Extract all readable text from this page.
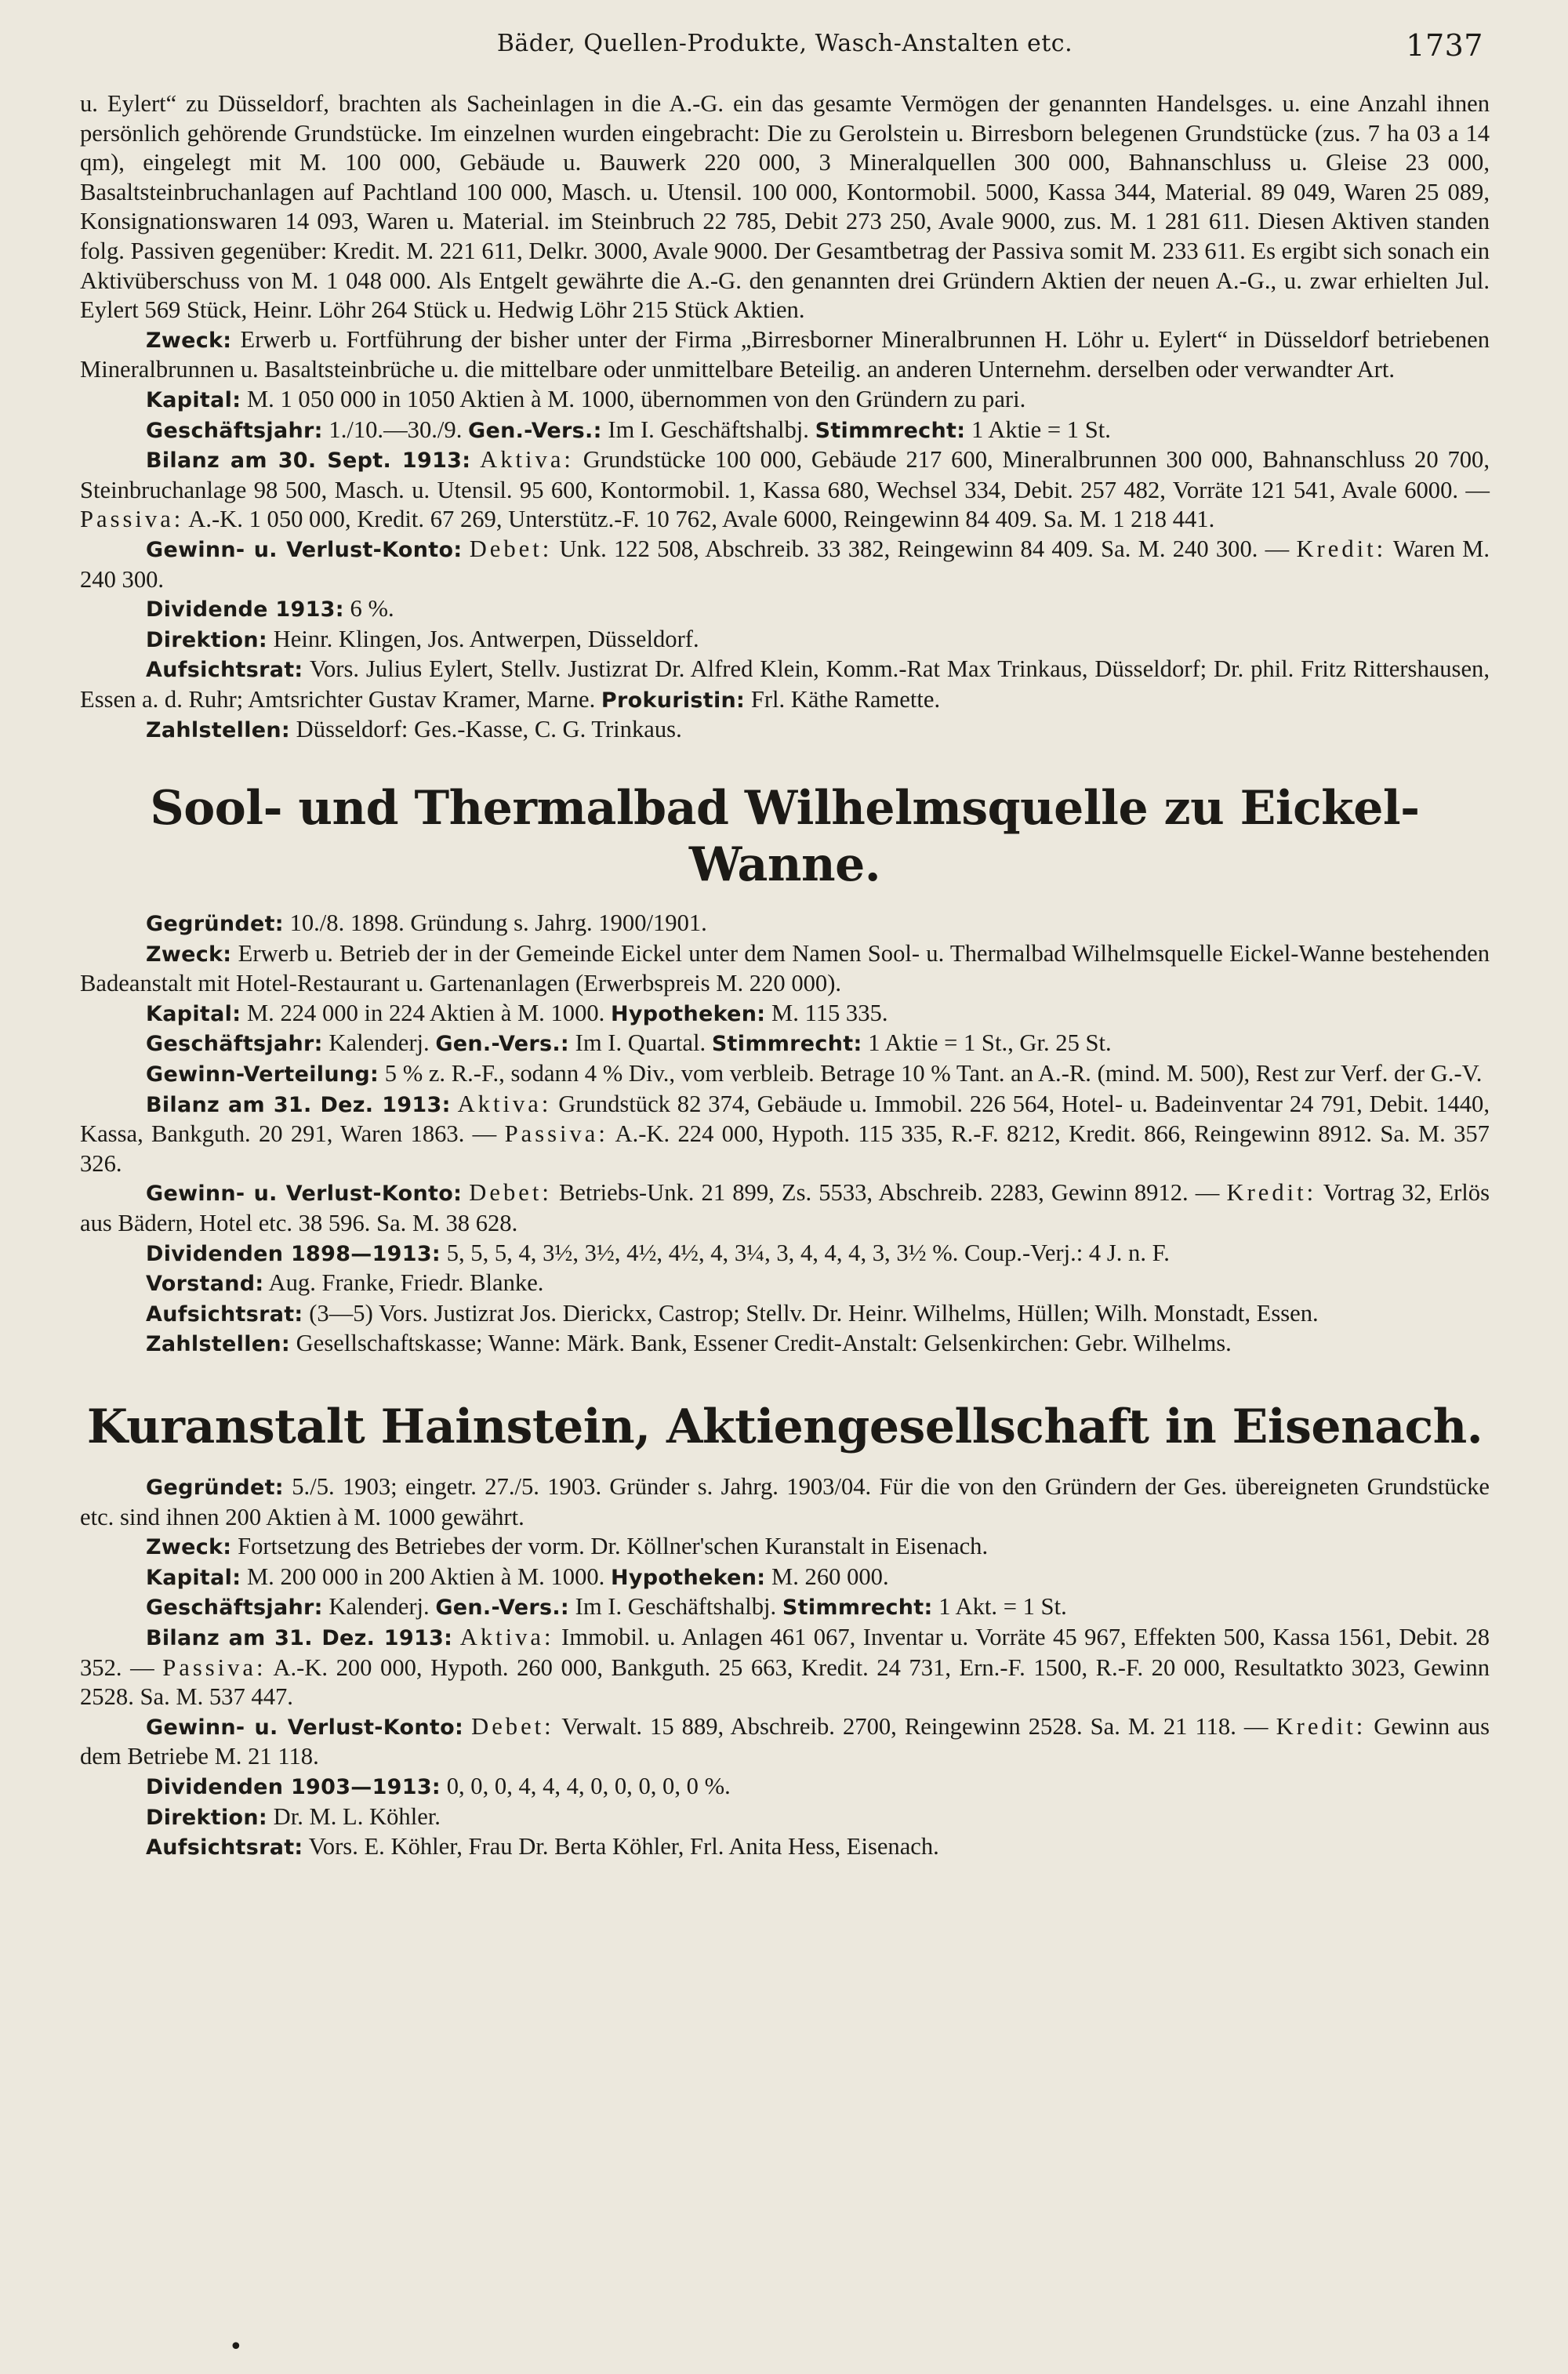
Bäder, Quellen-Produkte, Wasch-Anstalten etc.	1737

u. Eylert“ zu Düsseldorf, brachten als Sacheinlagen in die A.-G. ein das gesamte Vermögen der genannten Handelsges. u. eine Anzahl ihnen persönlich gehörende Grundstücke. Im einzelnen wurden eingebracht: Die zu Gerolstein u. Birresborn belegenen Grundstücke (zus. 7 ha 03 a 14 qm), eingelegt mit M. 100 000, Gebäude u. Bauwerk 220 000, 3 Mineralquellen 300 000, Bahnanschluss u. Gleise 23 000, Basaltsteinbruchanlagen auf Pachtland 100 000, Masch. u. Utensil. 100 000, Kontormobil. 5000, Kassa 344, Material. 89 049, Waren 25 089, Konsignationswaren 14 093, Waren u. Material. im Steinbruch 22 785, Debit 273 250, Avale 9000, zus. M. 1 281 611. Diesen Aktiven standen folg. Passiven gegenüber: Kredit. M. 221 611, Delkr. 3000, Avale 9000. Der Gesamtbetrag der Passiva somit M. 233 611. Es ergibt sich sonach ein Aktivüberschuss von M. 1 048 000. Als Entgelt gewährte die A.-G. den genannten drei Gründern Aktien der neuen A.-G., u. zwar erhielten Jul. Eylert 569 Stück, Heinr. Löhr 264 Stück u. Hedwig Löhr 215 Stück Aktien.

Zweck: Erwerb u. Fortführung der bisher unter der Firma „Birresborner Mineralbrunnen H. Löhr u. Eylert“ in Düsseldorf betriebenen Mineralbrunnen u. Basaltsteinbrüche u. die mittelbare oder unmittelbare Beteilig. an anderen Unternehm. derselben oder verwandter Art.

Kapital: M. 1 050 000 in 1050 Aktien à M. 1000, übernommen von den Gründern zu pari.

Geschäftsjahr: 1./10.—30./9. Gen.-Vers.: Im I. Geschäftshalbj. Stimmrecht: 1 Aktie = 1 St.

Bilanz am 30. Sept. 1913: Aktiva: Grundstücke 100 000, Gebäude 217 600, Mineralbrunnen 300 000, Bahnanschluss 20 700, Steinbruchanlage 98 500, Masch. u. Utensil. 95 600, Kontormobil. 1, Kassa 680, Wechsel 334, Debit. 257 482, Vorräte 121 541, Avale 6000. — Passiva: A.-K. 1 050 000, Kredit. 67 269, Unterstütz.-F. 10 762, Avale 6000, Reingewinn 84 409. Sa. M. 1 218 441.

Gewinn- u. Verlust-Konto: Debet: Unk. 122 508, Abschreib. 33 382, Reingewinn 84 409. Sa. M. 240 300. — Kredit: Waren M. 240 300.

Dividende 1913: 6 %.

Direktion: Heinr. Klingen, Jos. Antwerpen, Düsseldorf.

Aufsichtsrat: Vors. Julius Eylert, Stellv. Justizrat Dr. Alfred Klein, Komm.-Rat Max Trinkaus, Düsseldorf; Dr. phil. Fritz Rittershausen, Essen a. d. Ruhr; Amtsrichter Gustav Kramer, Marne. Prokuristin: Frl. Käthe Ramette.

Zahlstellen: Düsseldorf: Ges.-Kasse, C. G. Trinkaus.

Sool- und Thermalbad Wilhelmsquelle zu Eickel-Wanne.

Gegründet: 10./8. 1898. Gründung s. Jahrg. 1900/1901.

Zweck: Erwerb u. Betrieb der in der Gemeinde Eickel unter dem Namen Sool- u. Thermalbad Wilhelmsquelle Eickel-Wanne bestehenden Badeanstalt mit Hotel-Restaurant u. Gartenanlagen (Erwerbspreis M. 220 000).

Kapital: M. 224 000 in 224 Aktien à M. 1000. Hypotheken: M. 115 335.

Geschäftsjahr: Kalenderj. Gen.-Vers.: Im I. Quartal. Stimmrecht: 1 Aktie = 1 St., Gr. 25 St.

Gewinn-Verteilung: 5 % z. R.-F., sodann 4 % Div., vom verbleib. Betrage 10 % Tant. an A.-R. (mind. M. 500), Rest zur Verf. der G.-V.

Bilanz am 31. Dez. 1913: Aktiva: Grundstück 82 374, Gebäude u. Immobil. 226 564, Hotel- u. Badeinventar 24 791, Debit. 1440, Kassa, Bankguth. 20 291, Waren 1863. — Passiva: A.-K. 224 000, Hypoth. 115 335, R.-F. 8212, Kredit. 866, Reingewinn 8912. Sa. M. 357 326.

Gewinn- u. Verlust-Konto: Debet: Betriebs-Unk. 21 899, Zs. 5533, Abschreib. 2283, Gewinn 8912. — Kredit: Vortrag 32, Erlös aus Bädern, Hotel etc. 38 596. Sa. M. 38 628.

Dividenden 1898—1913: 5, 5, 5, 4, 3½, 3½, 4½, 4½, 4, 3¼, 3, 4, 4, 4, 3, 3½ %. Coup.-Verj.: 4 J. n. F.

Vorstand: Aug. Franke, Friedr. Blanke.

Aufsichtsrat: (3—5) Vors. Justizrat Jos. Dierickx, Castrop; Stellv. Dr. Heinr. Wilhelms, Hüllen; Wilh. Monstadt, Essen.

Zahlstellen: Gesellschaftskasse; Wanne: Märk. Bank, Essener Credit-Anstalt: Gelsenkirchen: Gebr. Wilhelms.

Kuranstalt Hainstein, Aktiengesellschaft in Eisenach.

Gegründet: 5./5. 1903; eingetr. 27./5. 1903. Gründer s. Jahrg. 1903/04. Für die von den Gründern der Ges. übereigneten Grundstücke etc. sind ihnen 200 Aktien à M. 1000 gewährt.

Zweck: Fortsetzung des Betriebes der vorm. Dr. Köllner'schen Kuranstalt in Eisenach.

Kapital: M. 200 000 in 200 Aktien à M. 1000. Hypotheken: M. 260 000.

Geschäftsjahr: Kalenderj. Gen.-Vers.: Im I. Geschäftshalbj. Stimmrecht: 1 Akt. = 1 St.

Bilanz am 31. Dez. 1913: Aktiva: Immobil. u. Anlagen 461 067, Inventar u. Vorräte 45 967, Effekten 500, Kassa 1561, Debit. 28 352. — Passiva: A.-K. 200 000, Hypoth. 260 000, Bankguth. 25 663, Kredit. 24 731, Ern.-F. 1500, R.-F. 20 000, Resultatkto 3023, Gewinn 2528. Sa. M. 537 447.

Gewinn- u. Verlust-Konto: Debet: Verwalt. 15 889, Abschreib. 2700, Reingewinn 2528. Sa. M. 21 118. — Kredit: Gewinn aus dem Betriebe M. 21 118.

Dividenden 1903—1913: 0, 0, 0, 4, 4, 4, 0, 0, 0, 0, 0 %.

Direktion: Dr. M. L. Köhler.

Aufsichtsrat: Vors. E. Köhler, Frau Dr. Berta Köhler, Frl. Anita Hess, Eisenach.

•
